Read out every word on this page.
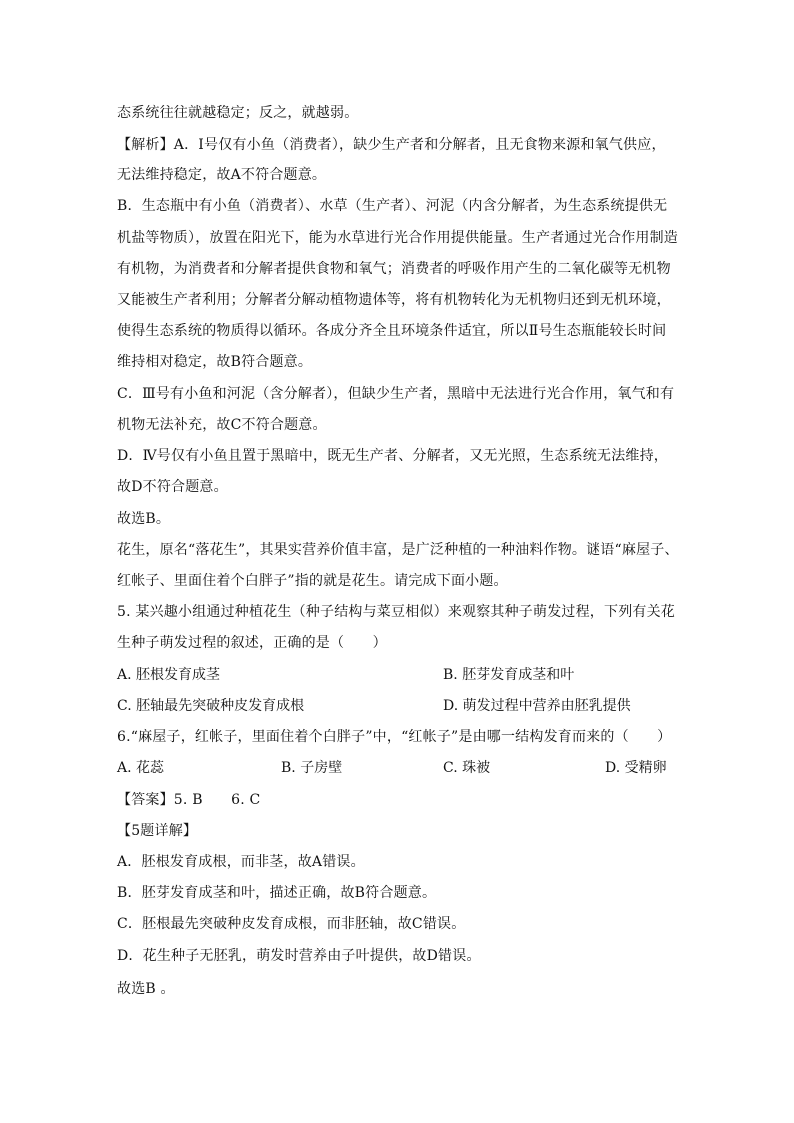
态系统往往就越稳定；反之，就越弱。
【解析】A．Ⅰ号仅有小鱼（消费者），缺少生产者和分解者，且无食物来源和氧气供应，
无法维持稳定，故A不符合题意。
B．生态瓶中有小鱼（消费者）、水草（生产者）、河泥（内含分解者，为生态系统提供无
机盐等物质），放置在阳光下，能为水草进行光合作用提供能量。生产者通过光合作用制造
有机物，为消费者和分解者提供食物和氧气；消费者的呼吸作用产生的二氧化碳等无机物
又能被生产者利用；分解者分解动植物遗体等，将有机物转化为无机物归还到无机环境，
使得生态系统的物质得以循环。各成分齐全且环境条件适宜，所以Ⅱ号生态瓶能较长时间
维持相对稳定，故B符合题意。
C．Ⅲ号有小鱼和河泥（含分解者），但缺少生产者，黑暗中无法进行光合作用，氧气和有
机物无法补充，故C不符合题意。
D．Ⅳ号仅有小鱼且置于黑暗中，既无生产者、分解者，又无光照，生态系统无法维持，
故D不符合题意。
故选B。
花生，原名“落花生”，其果实营养价值丰富，是广泛种植的一种油料作物。谜语“麻屋子、
红帐子、里面住着个白胖子”指的就是花生。请完成下面小题。
5. 某兴趣小组通过种植花生（种子结构与菜豆相似）来观察其种子萌发过程，下列有关花
生种子萌发过程的叙述，正确的是（　　）
A. 胚根发育成茎	B. 胚芽发育成茎和叶
C. 胚轴最先突破种皮发育成根	D. 萌发过程中营养由胚乳提供
6.“麻屋子，红帐子，里面住着个白胖子”中，“红帐子”是由哪一结构发育而来的（　　）
A. 花蕊	B. 子房壁	C. 珠被	D. 受精卵
【答案】5. B　　6. C
【5题详解】
A．胚根发育成根，而非茎，故A错误。
B．胚芽发育成茎和叶，描述正确，故B符合题意。
C．胚根最先突破种皮发育成根，而非胚轴，故C错误。
D．花生种子无胚乳，萌发时营养由子叶提供，故D错误。
故选B 。
